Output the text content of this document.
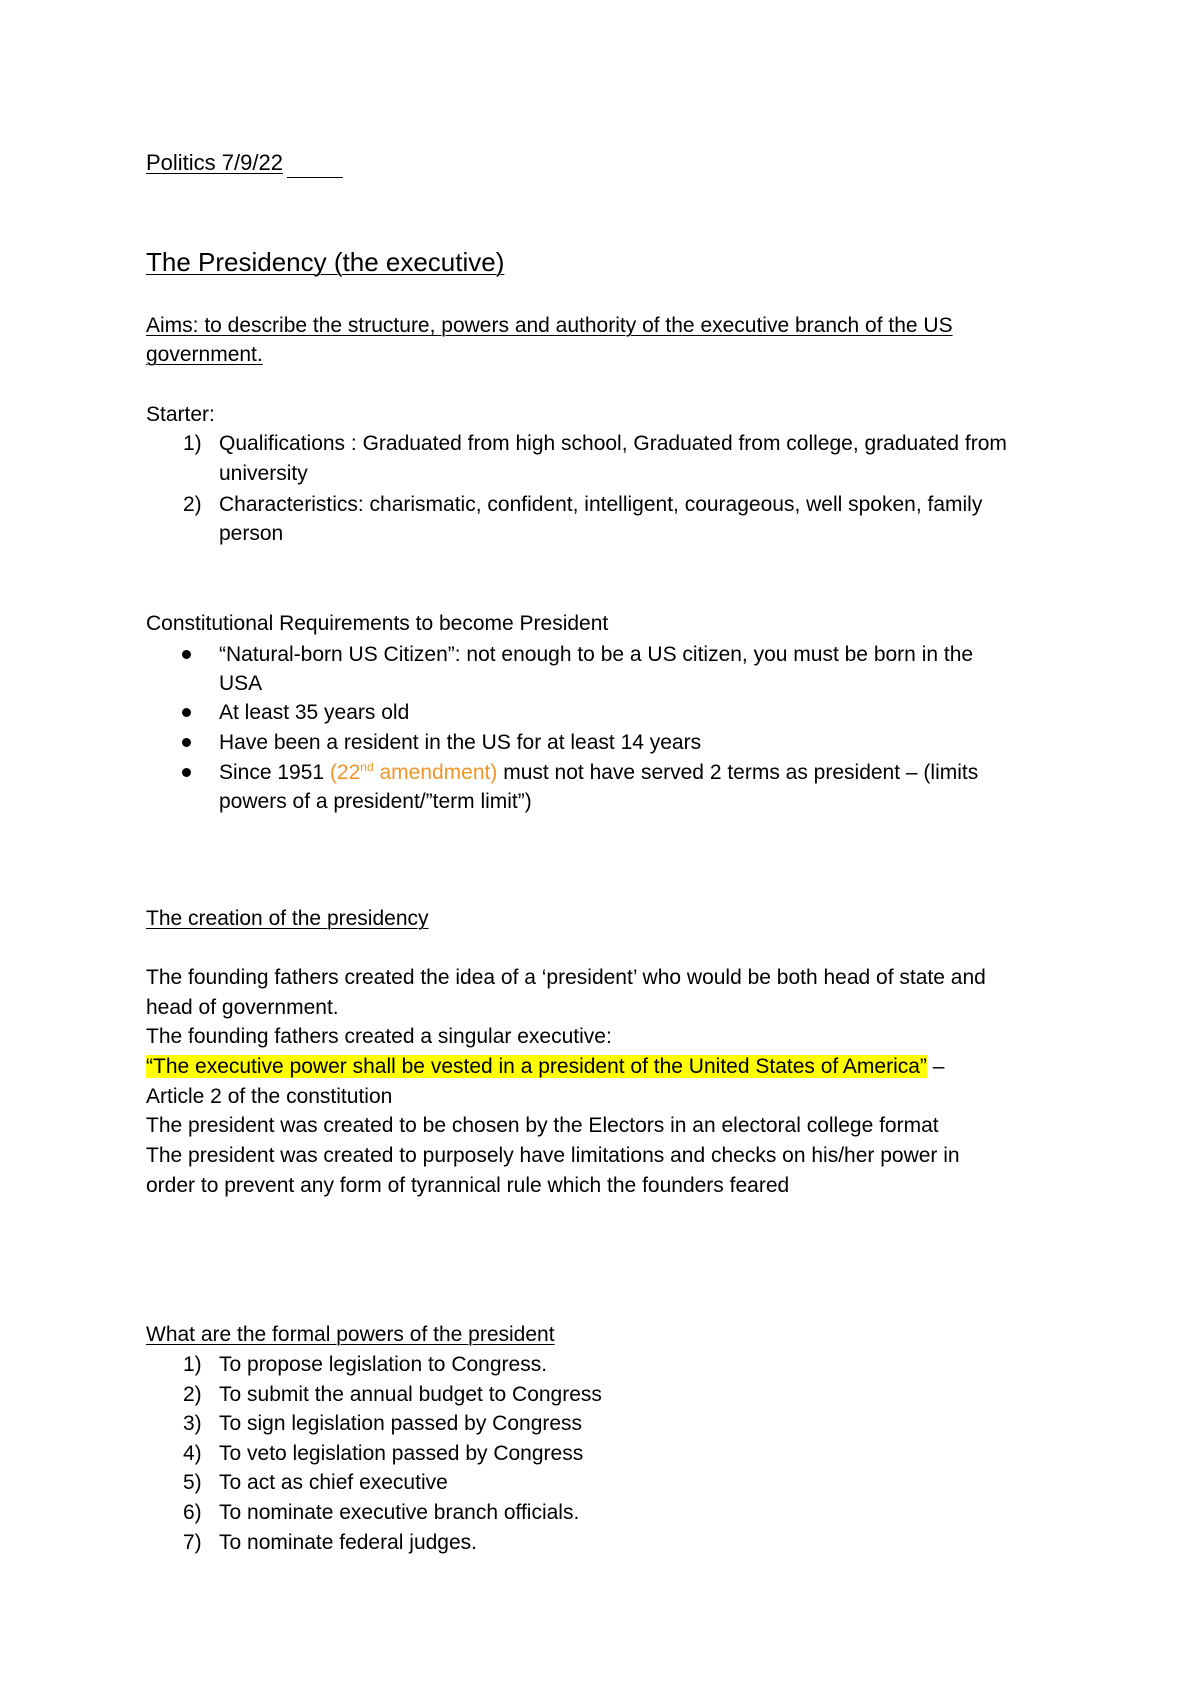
Politics 7/9/22
The Presidency (the executive)
Aims: to describe the structure, powers and authority of the executive branch of the US
government.
Starter:
1) Qualifications : Graduated from high school, Graduated from college, graduated from
university
2) Characteristics: charismatic, confident, intelligent, courageous, well spoken, family
person
Constitutional Requirements to become President
“Natural-born US Citizen”: not enough to be a US citizen, you must be born in the
USA
At least 35 years old
Have been a resident in the US for at least 14 years
Since 1951 (22nd amendment) must not have served 2 terms as president – (limits
powers of a president/”term limit”)
The creation of the presidency
The founding fathers created the idea of a ‘president’ who would be both head of state and
head of government.
The founding fathers created a singular executive:
“The executive power shall be vested in a president of the United States of America” –
Article 2 of the constitution
The president was created to be chosen by the Electors in an electoral college format
The president was created to purposely have limitations and checks on his/her power in
order to prevent any form of tyrannical rule which the founders feared
What are the formal powers of the president
1) To propose legislation to Congress.
2) To submit the annual budget to Congress
3) To sign legislation passed by Congress
4) To veto legislation passed by Congress
5) To act as chief executive
6) To nominate executive branch officials.
7) To nominate federal judges.
